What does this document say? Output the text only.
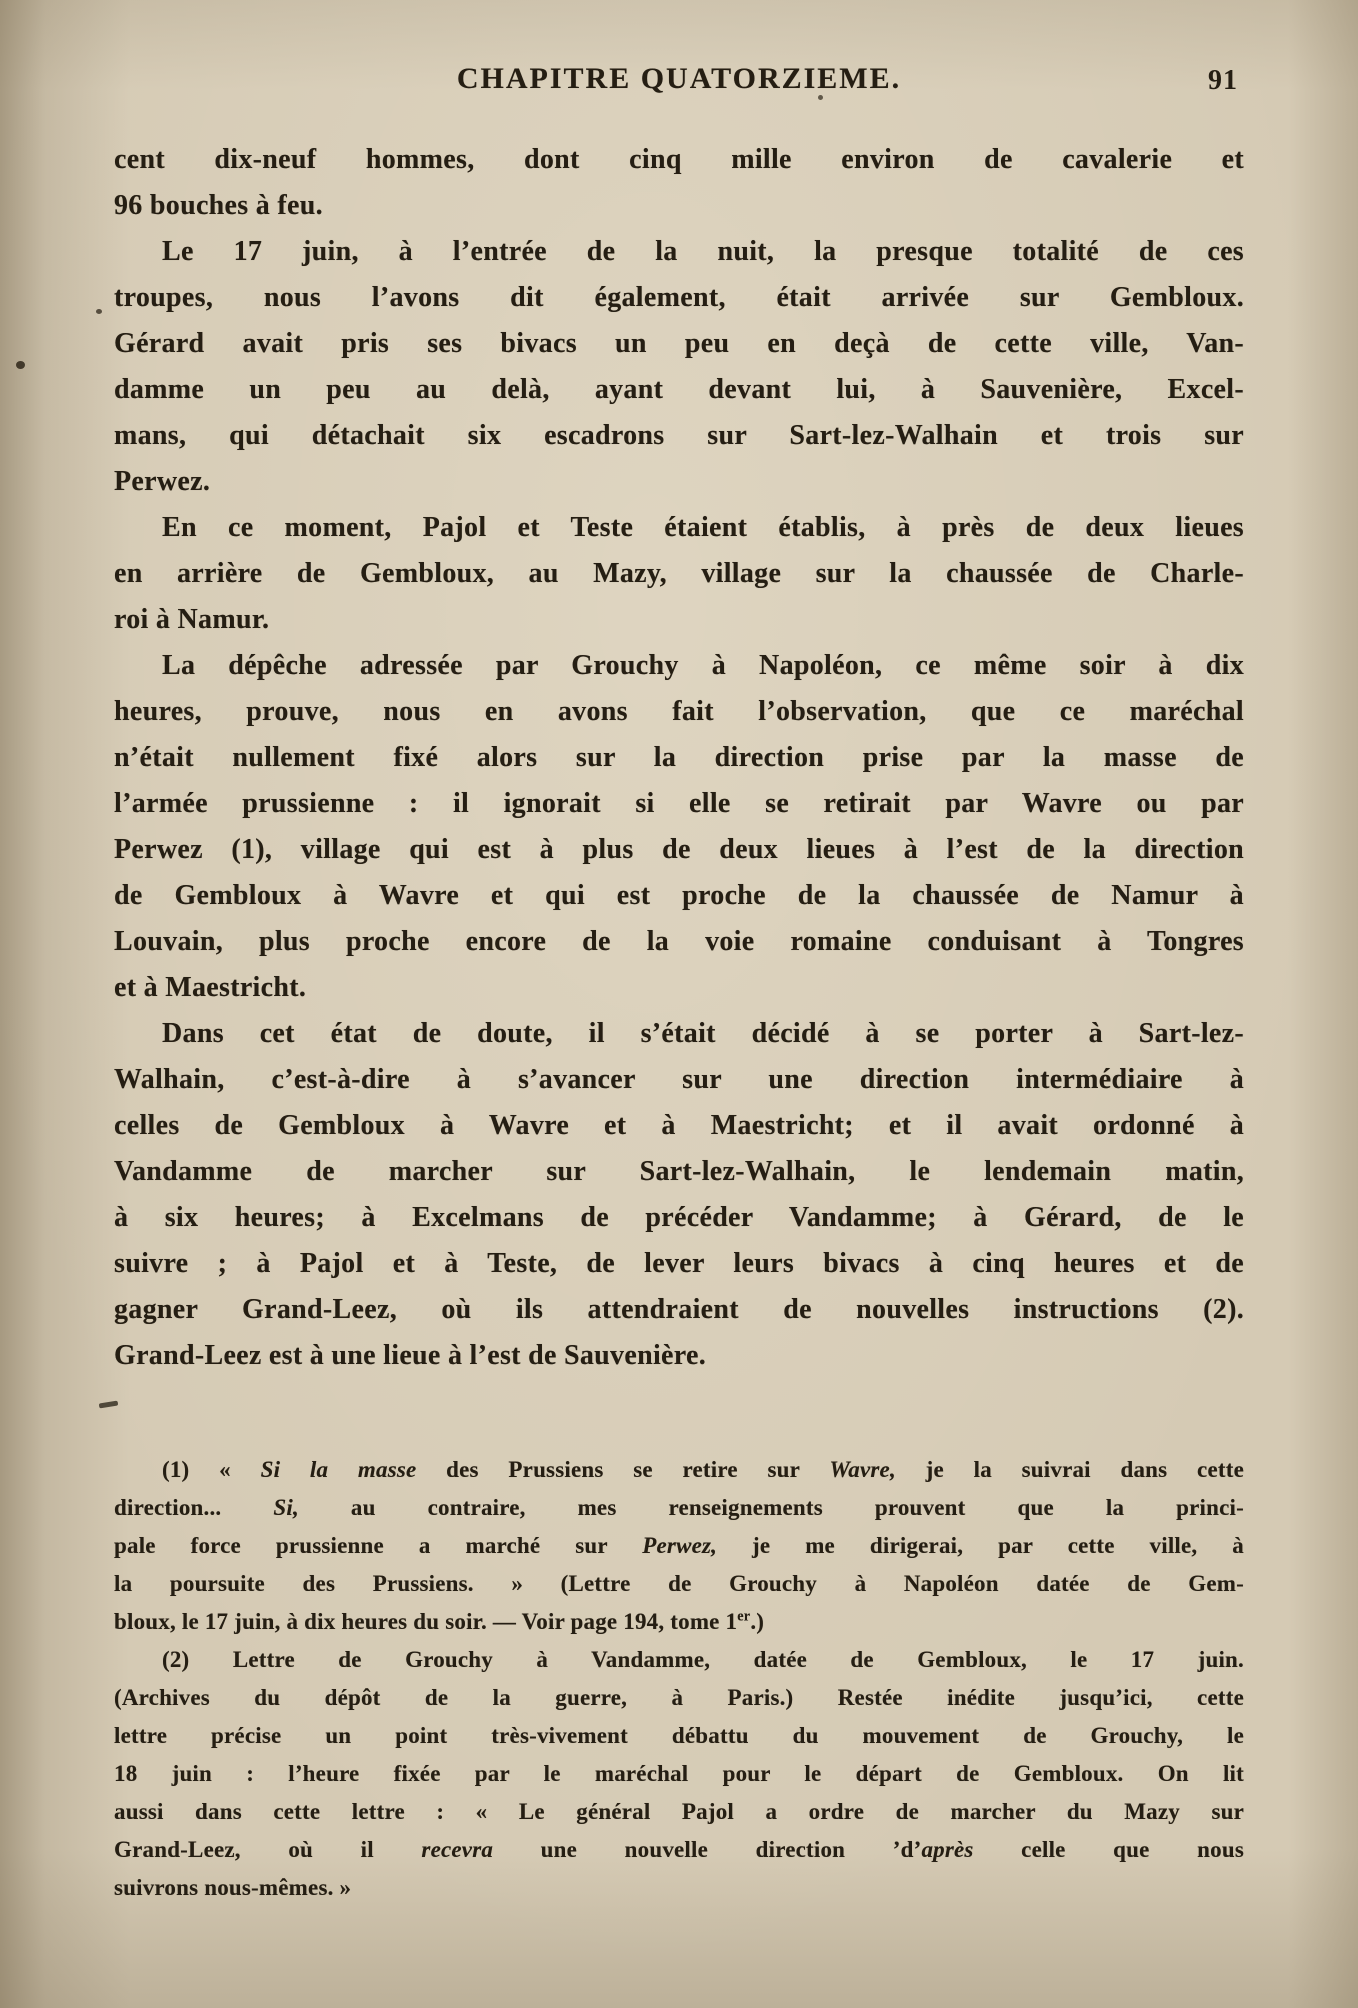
CHAPITRE QUATORZIEME.	91
cent dix-neuf hommes, dont cinq mille environ de cavalerie et
96 bouches à feu.
Le 17 juin, à l’entrée de la nuit, la presque totalité de ces
troupes, nous l’avons dit également, était arrivée sur Gembloux.
Gérard avait pris ses bivacs un peu en deçà de cette ville, Van-
damme un peu au delà, ayant devant lui, à Sauvenière, Excel-
mans, qui détachait six escadrons sur Sart-lez-Walhain et trois sur
Perwez.
En ce moment, Pajol et Teste étaient établis, à près de deux lieues
en arrière de Gembloux, au Mazy, village sur la chaussée de Charle-
roi à Namur.
La dépêche adressée par Grouchy à Napoléon, ce même soir à dix
heures, prouve, nous en avons fait l’observation, que ce maréchal
n’était nullement fixé alors sur la direction prise par la masse de
l’armée prussienne : il ignorait si elle se retirait par Wavre ou par
Perwez (1), village qui est à plus de deux lieues à l’est de la direction
de Gembloux à Wavre et qui est proche de la chaussée de Namur à
Louvain, plus proche encore de la voie romaine conduisant à Tongres
et à Maestricht.
Dans cet état de doute, il s’était décidé à se porter à Sart-lez-
Walhain, c’est-à-dire à s’avancer sur une direction intermédiaire à
celles de Gembloux à Wavre et à Maestricht; et il avait ordonné à
Vandamme de marcher sur Sart-lez-Walhain, le lendemain matin,
à six heures; à Excelmans de précéder Vandamme; à Gérard, de le
suivre ; à Pajol et à Teste, de lever leurs bivacs à cinq heures et de
gagner Grand-Leez, où ils attendraient de nouvelles instructions (2).
Grand-Leez est à une lieue à l’est de Sauvenière.
(1) « Si la masse des Prussiens se retire sur Wavre, je la suivrai dans cette
direction... Si, au contraire, mes renseignements prouvent que la princi-
pale force prussienne a marché sur Perwez, je me dirigerai, par cette ville, à
la poursuite des Prussiens. » (Lettre de Grouchy à Napoléon datée de Gem-
bloux, le 17 juin, à dix heures du soir. — Voir page 194, tome 1er.)
(2) Lettre de Grouchy à Vandamme, datée de Gembloux, le 17 juin.
(Archives du dépôt de la guerre, à Paris.) Restée inédite jusqu’ici, cette
lettre précise un point très-vivement débattu du mouvement de Grouchy, le
18 juin : l’heure fixée par le maréchal pour le départ de Gembloux. On lit
aussi dans cette lettre : « Le général Pajol a ordre de marcher du Mazy sur
Grand-Leez, où il recevra une nouvelle direction ’d’après celle que nous
suivrons nous-mêmes. »
